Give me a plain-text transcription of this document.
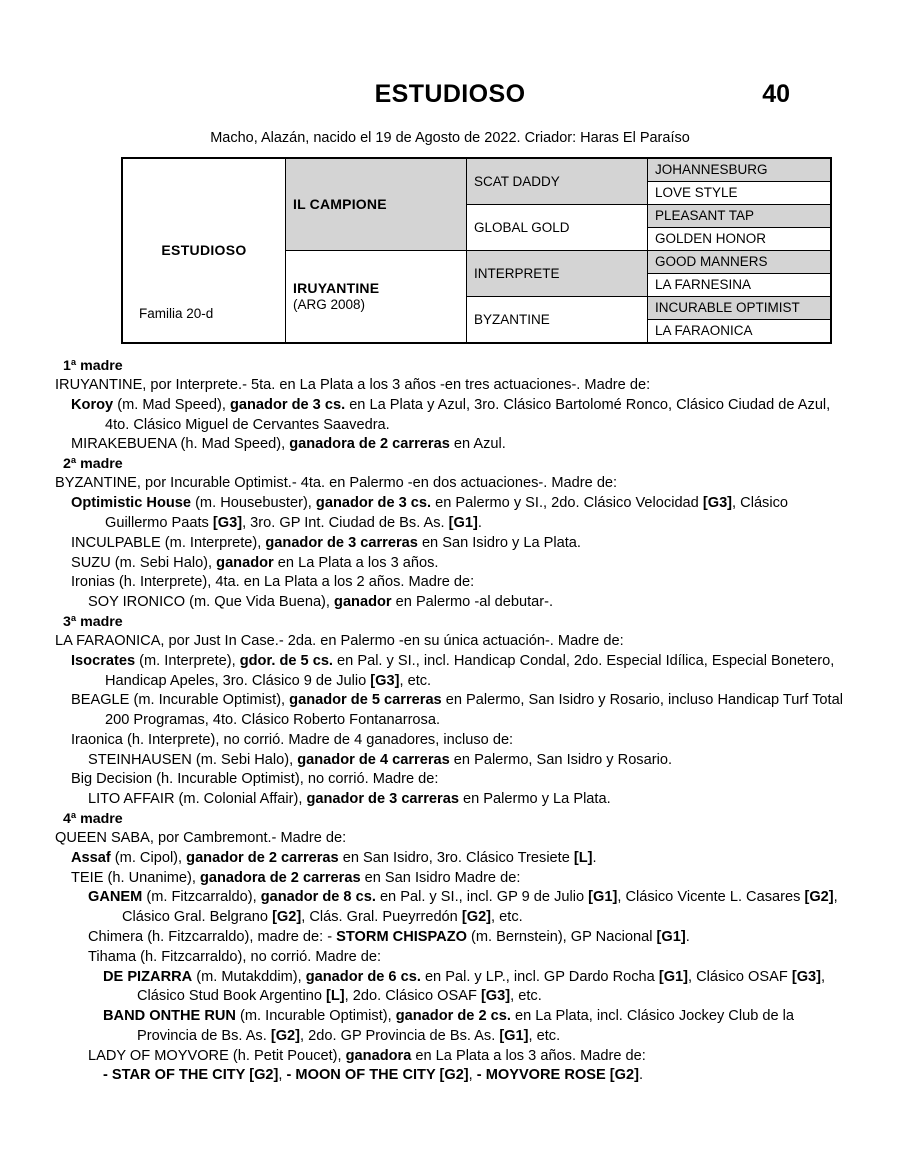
ESTUDIOSO	40
Macho, Alazán, nacido el 19 de Agosto de 2022. Criador: Haras El Paraíso
ESTUDIOSO
Familia 20-d	IL CAMPIONE	SCAT DADDY	JOHANNESBURG
			LOVE STYLE
		GLOBAL GOLD	PLEASANT TAP
			GOLDEN HONOR

	IRUYANTINE
(ARG 2008)	INTERPRETE	GOOD MANNERS
			LA FARNESINA
		BYZANTINE	INCURABLE OPTIMIST
			LA FARAONICA
1ª madre
IRUYANTINE, por Interprete.- 5ta. en La Plata a los 3 años -en tres actuaciones-. Madre de:
Koroy (m. Mad Speed), ganador de 3 cs. en La Plata y Azul, 3ro. Clásico Bartolomé Ronco, Clásico Ciudad de Azul, 4to. Clásico Miguel de Cervantes Saavedra.
MIRAKEBUENA (h. Mad Speed), ganadora de 2 carreras en Azul.
2ª madre
BYZANTINE, por Incurable Optimist.- 4ta. en Palermo -en dos actuaciones-. Madre de:
Optimistic House (m. Housebuster), ganador de 3 cs. en Palermo y SI., 2do. Clásico Velocidad [G3], Clásico Guillermo Paats [G3], 3ro. GP Int. Ciudad de Bs. As. [G1].
INCULPABLE (m. Interprete), ganador de 3 carreras en San Isidro y La Plata.
SUZU (m. Sebi Halo), ganador en La Plata a los 3 años.
Ironias (h. Interprete), 4ta. en La Plata a los 2 años. Madre de:
SOY IRONICO (m. Que Vida Buena), ganador en Palermo -al debutar-.
3ª madre
LA FARAONICA, por Just In Case.- 2da. en Palermo -en su única actuación-. Madre de:
Isocrates (m. Interprete), gdor. de 5 cs. en Pal. y SI., incl. Handicap Condal, 2do. Especial Idílica, Especial Bonetero, Handicap Apeles, 3ro. Clásico 9 de Julio [G3], etc.
BEAGLE (m. Incurable Optimist), ganador de 5 carreras en Palermo, San Isidro y Rosario, incluso Handicap Turf Total 200 Programas, 4to. Clásico Roberto Fontanarrosa.
Iraonica (h. Interprete), no corrió. Madre de 4 ganadores, incluso de:
STEINHAUSEN (m. Sebi Halo), ganador de 4 carreras en Palermo, San Isidro y Rosario.
Big Decision (h. Incurable Optimist), no corrió. Madre de:
LITO AFFAIR (m. Colonial Affair), ganador de 3 carreras en Palermo y La Plata.
4ª madre
QUEEN SABA, por Cambremont.- Madre de:
Assaf (m. Cipol), ganador de 2 carreras en San Isidro, 3ro. Clásico Tresiete [L].
TEIE (h. Unanime), ganadora de 2 carreras en San Isidro Madre de:
GANEM (m. Fitzcarraldo), ganador de 8 cs. en Pal. y SI., incl. GP 9 de Julio [G1], Clásico Vicente L. Casares [G2], Clásico Gral. Belgrano [G2], Clás. Gral. Pueyrredón [G2], etc.
Chimera (h. Fitzcarraldo), madre de: - STORM CHISPAZO (m. Bernstein), GP Nacional [G1].
Tihama (h. Fitzcarraldo), no corrió. Madre de:
DE PIZARRA (m. Mutakddim), ganador de 6 cs. en Pal. y LP., incl. GP Dardo Rocha [G1], Clásico OSAF [G3], Clásico Stud Book Argentino [L], 2do. Clásico OSAF [G3], etc.
BAND ONTHE RUN (m. Incurable Optimist), ganador de 2 cs. en La Plata, incl. Clásico Jockey Club de la Provincia de Bs. As. [G2], 2do. GP Provincia de Bs. As. [G1], etc.
LADY OF MOYVORE (h. Petit Poucet), ganadora en La Plata a los 3 años. Madre de:
- STAR OF THE CITY [G2], - MOON OF THE CITY [G2], - MOYVORE ROSE [G2].
